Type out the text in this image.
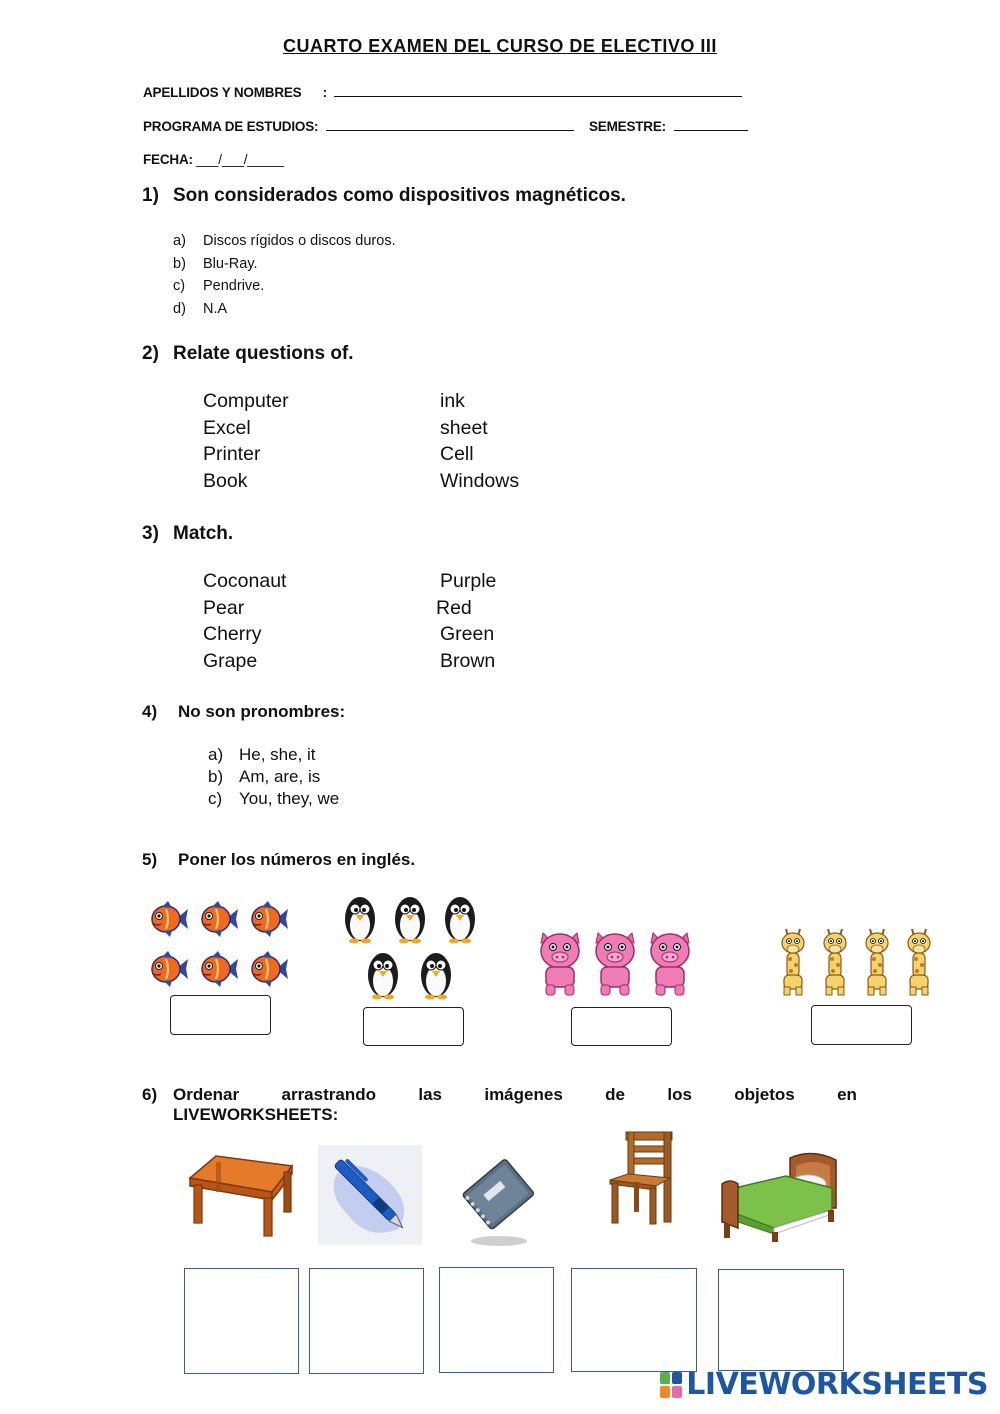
CUARTO EXAMEN DEL CURSO DE ELECTIVO III
APELLIDOS Y NOMBRES :
PROGRAMA DE ESTUDIOS:	SEMESTRE:
FECHA: ___/___/_____
1) Son considerados como dispositivos magnéticos.
a) Discos rígidos o discos duros.
b) Blu-Ray.
c) Pendrive.
d) N.A
2) Relate questions of.
Computer
Excel
Printer
Book
ink
sheet
Cell
Windows
3) Match.
Coconaut
Pear
Cherry
Grape
Purple
Red
Green
Brown
4) No son pronombres:
a) He, she, it
b) Am, are, is
c) You, they, we
5) Poner los números en inglés.
6) Ordenar arrastrando las imágenes de los objetos en
LIVEWORKSHEETS:
LIVEWORKSHEETS
